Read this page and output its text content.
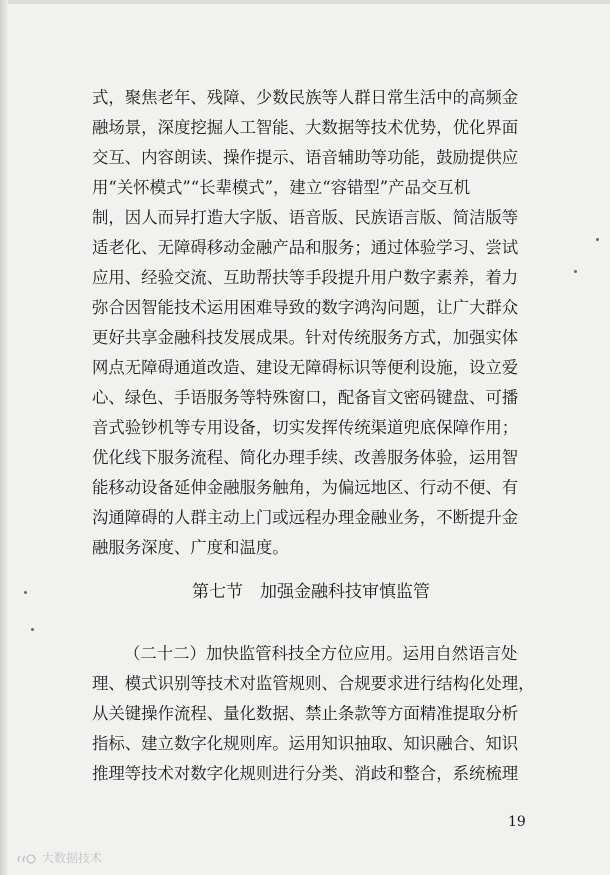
式，聚焦老年、残障、少数民族等人群日常生活中的高频金
融场景，深度挖掘人工智能、大数据等技术优势，优化界面
交互、内容朗读、操作提示、语音辅助等功能，鼓励提供应
用“关怀模式”“长辈模式”，建立“容错型”产品交互机
制，因人而异打造大字版、语音版、民族语言版、简洁版等
适老化、无障碍移动金融产品和服务；通过体验学习、尝试
应用、经验交流、互助帮扶等手段提升用户数字素养，着力
弥合因智能技术运用困难导致的数字鸿沟问题，让广大群众
更好共享金融科技发展成果。针对传统服务方式，加强实体
网点无障碍通道改造、建设无障碍标识等便利设施，设立爱
心、绿色、手语服务等特殊窗口，配备盲文密码键盘、可播
音式验钞机等专用设备，切实发挥传统渠道兜底保障作用；
优化线下服务流程、简化办理手续、改善服务体验，运用智
能移动设备延伸金融服务触角，为偏远地区、行动不便、有
沟通障碍的人群主动上门或远程办理金融业务，不断提升金
融服务深度、广度和温度。
第七节　加强金融科技审慎监管
（二十二）加快监管科技全方位应用。运用自然语言处
理、模式识别等技术对监管规则、合规要求进行结构化处理，
从关键操作流程、量化数据、禁止条款等方面精准提取分析
指标、建立数字化规则库。运用知识抽取、知识融合、知识
推理等技术对数字化规则进行分类、消歧和整合，系统梳理
19
大数据技术
